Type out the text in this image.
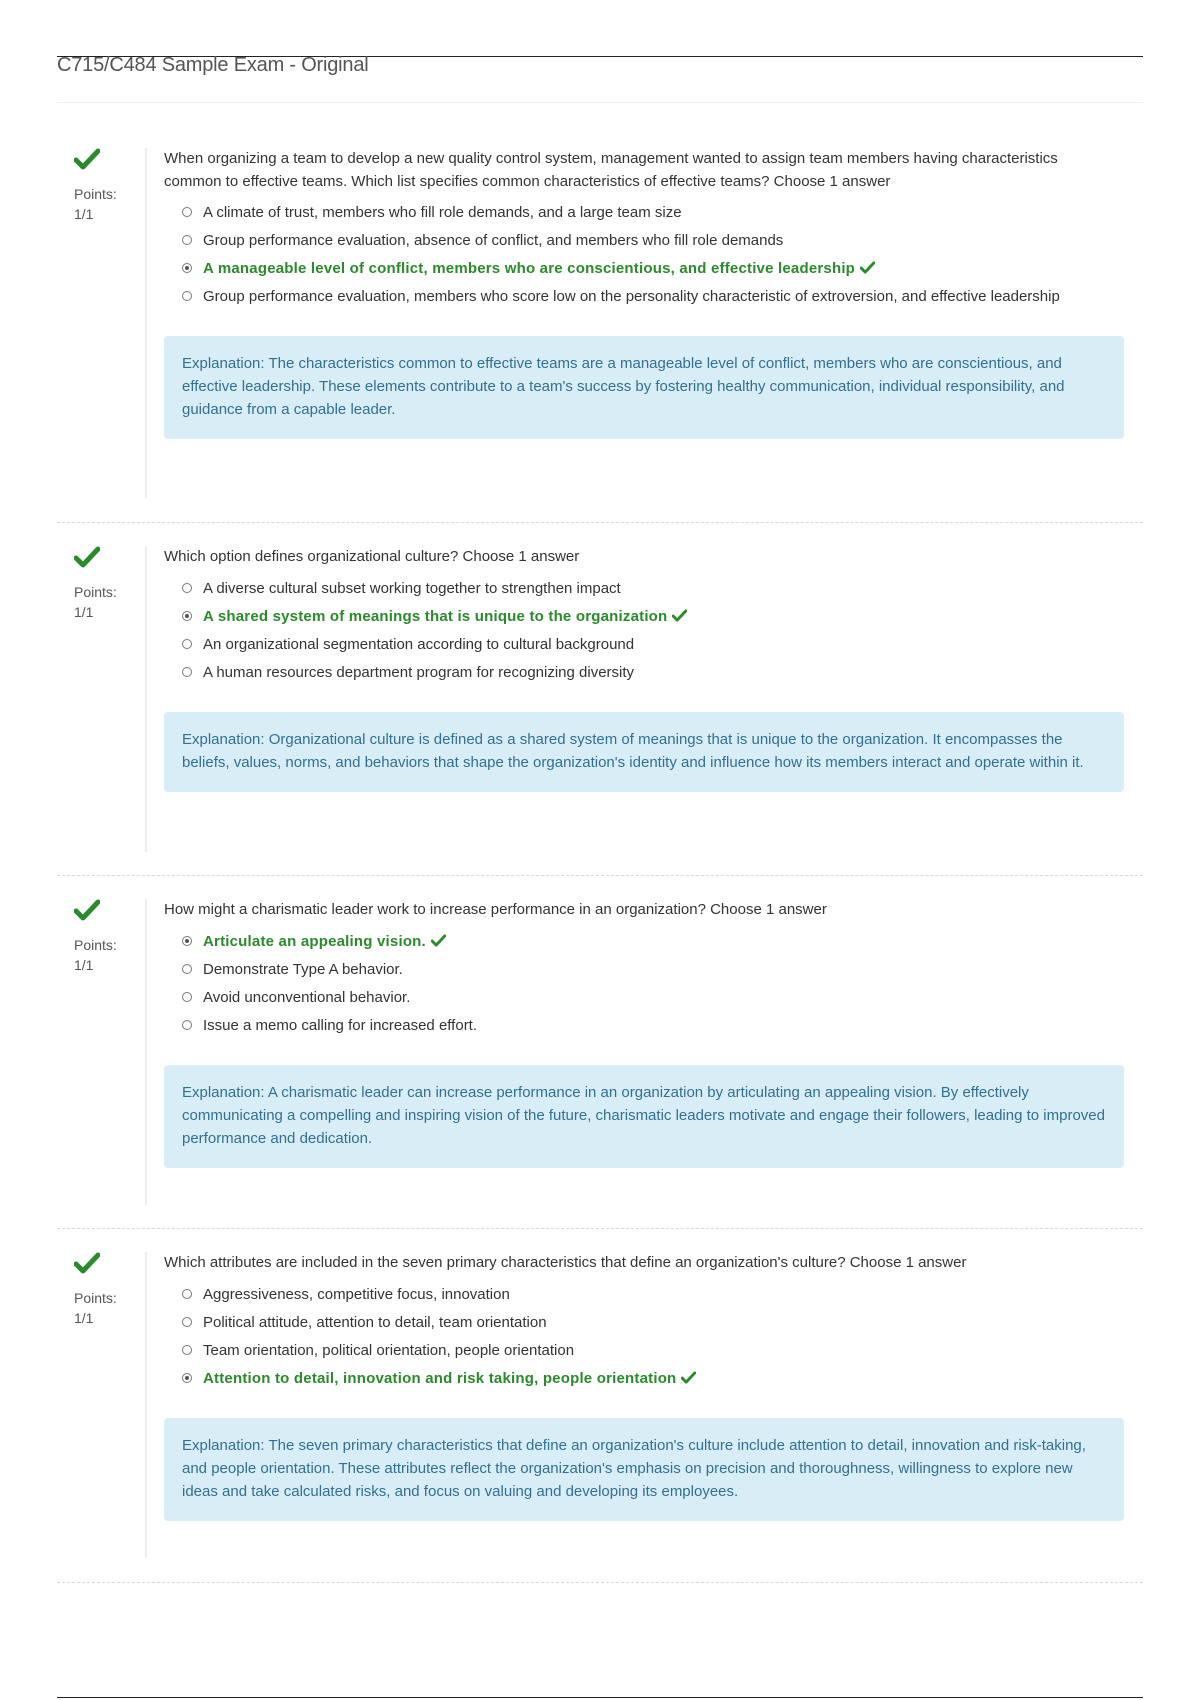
C715/C484 Sample Exam - Original
Points:
1/1

When organizing a team to develop a new quality control system, management wanted to assign team members having characteristics common to effective teams. Which list specifies common characteristics of effective teams? Choose 1 answer

A climate of trust, members who fill role demands, and a large team size
Group performance evaluation, absence of conflict, and members who fill role demands
A manageable level of conflict, members who are conscientious, and effective leadership
Group performance evaluation, members who score low on the personality characteristic of extroversion, and effective leadership
Explanation: The characteristics common to effective teams are a manageable level of conflict, members who are conscientious, and effective leadership. These elements contribute to a team's success by fostering healthy communication, individual responsibility, and guidance from a capable leader.
Points:
1/1

Which option defines organizational culture? Choose 1 answer

A diverse cultural subset working together to strengthen impact
A shared system of meanings that is unique to the organization
An organizational segmentation according to cultural background
A human resources department program for recognizing diversity
Explanation: Organizational culture is defined as a shared system of meanings that is unique to the organization. It encompasses the beliefs, values, norms, and behaviors that shape the organization's identity and influence how its members interact and operate within it.
Points:
1/1

How might a charismatic leader work to increase performance in an organization? Choose 1 answer

Articulate an appealing vision.
Demonstrate Type A behavior.
Avoid unconventional behavior.
Issue a memo calling for increased effort.
Explanation: A charismatic leader can increase performance in an organization by articulating an appealing vision. By effectively communicating a compelling and inspiring vision of the future, charismatic leaders motivate and engage their followers, leading to improved performance and dedication.
Points:
1/1

Which attributes are included in the seven primary characteristics that define an organization's culture? Choose 1 answer

Aggressiveness, competitive focus, innovation
Political attitude, attention to detail, team orientation
Team orientation, political orientation, people orientation
Attention to detail, innovation and risk taking, people orientation
Explanation: The seven primary characteristics that define an organization's culture include attention to detail, innovation and risk-taking, and people orientation. These attributes reflect the organization's emphasis on precision and thoroughness, willingness to explore new ideas and take calculated risks, and focus on valuing and developing its employees.
